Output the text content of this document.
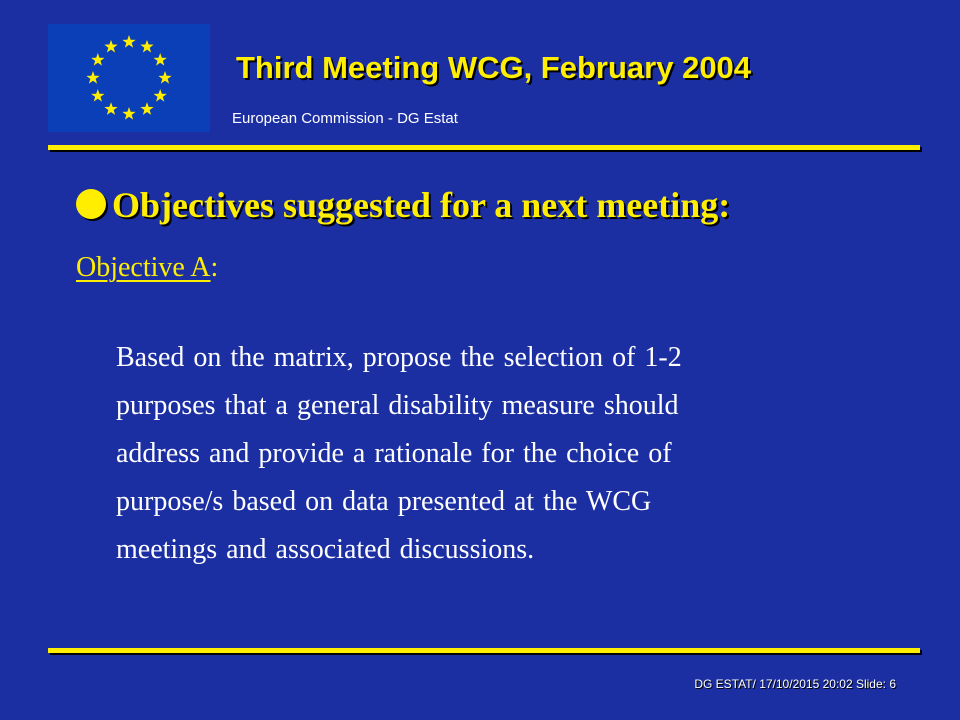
Third Meeting WCG, February 2004
European Commission - DG Estat
Objectives suggested for a next meeting:
Objective A:
Based on the matrix, propose the selection of 1-2
purposes that a general disability measure should
address and provide a rationale for the choice of
purpose/s based on data presented at the WCG
meetings and associated discussions.
DG ESTAT/ 17/10/2015 20:02 Slide: 6
